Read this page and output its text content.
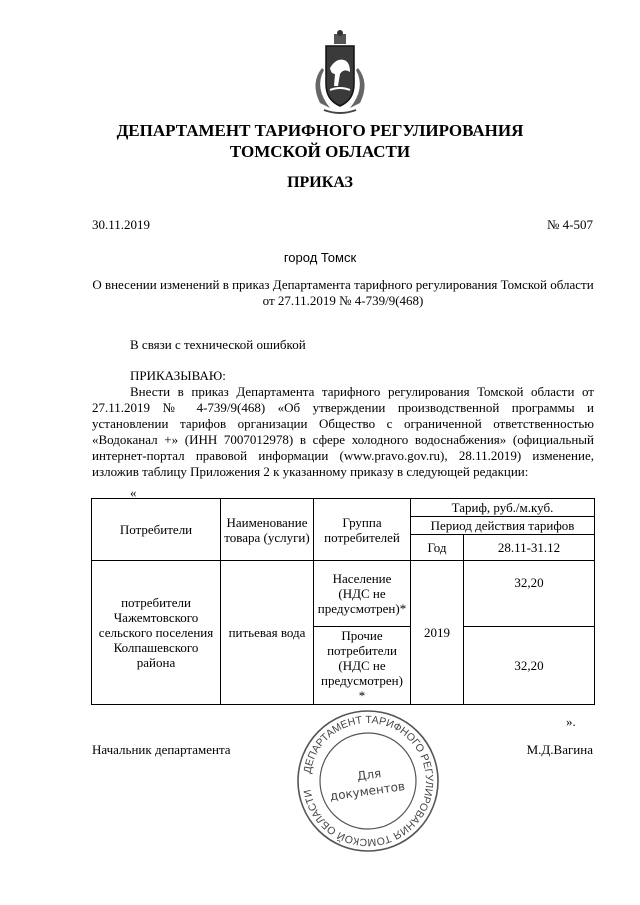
ДЕПАРТАМЕНТ ТАРИФНОГО РЕГУЛИРОВАНИЯ
ТОМСКОЙ ОБЛАСТИ
ПРИКАЗ
30.11.2019	№ 4-507
город Томск
О внесении изменений в приказ Департамента тарифного регулирования Томской области
от 27.11.2019 № 4-739/9(468)
В связи с технической ошибкой
ПРИКАЗЫВАЮ:
Внести в приказ Департамента тарифного регулирования Томской области от 27.11.2019 № 4-739/9(468) «Об утверждении производственной программы и установлении тарифов организации Общество с ограниченной ответственностью «Водоканал +» (ИНН 7007012978) в сфере холодного водоснабжения» (официальный интернет-портал правовой информации (www.pravo.gov.ru), 28.11.2019) изменение, изложив таблицу Приложения 2 к указанному приказу в следующей редакции:
«
Потребители	Наименование товара (услуги)	Группа потребителей	Тариф, руб./м.куб.	
			Период действия тарифов	
			Год	28.11-31.12
потребители Чажемтовского сельского поселения Колпашевского района	питьевая вода	Население (НДС не предусмотрен)*	2019	32,20
		Прочие потребители (НДС не предусмотрен) *		32,20
».
Начальник департамента	М.Д.Вагина
ДЕПАРТАМЕНТ ТАРИФНОГО РЕГУЛИРОВАНИЯ ТОМСКОЙ ОБЛАСТИ
Для
документов
